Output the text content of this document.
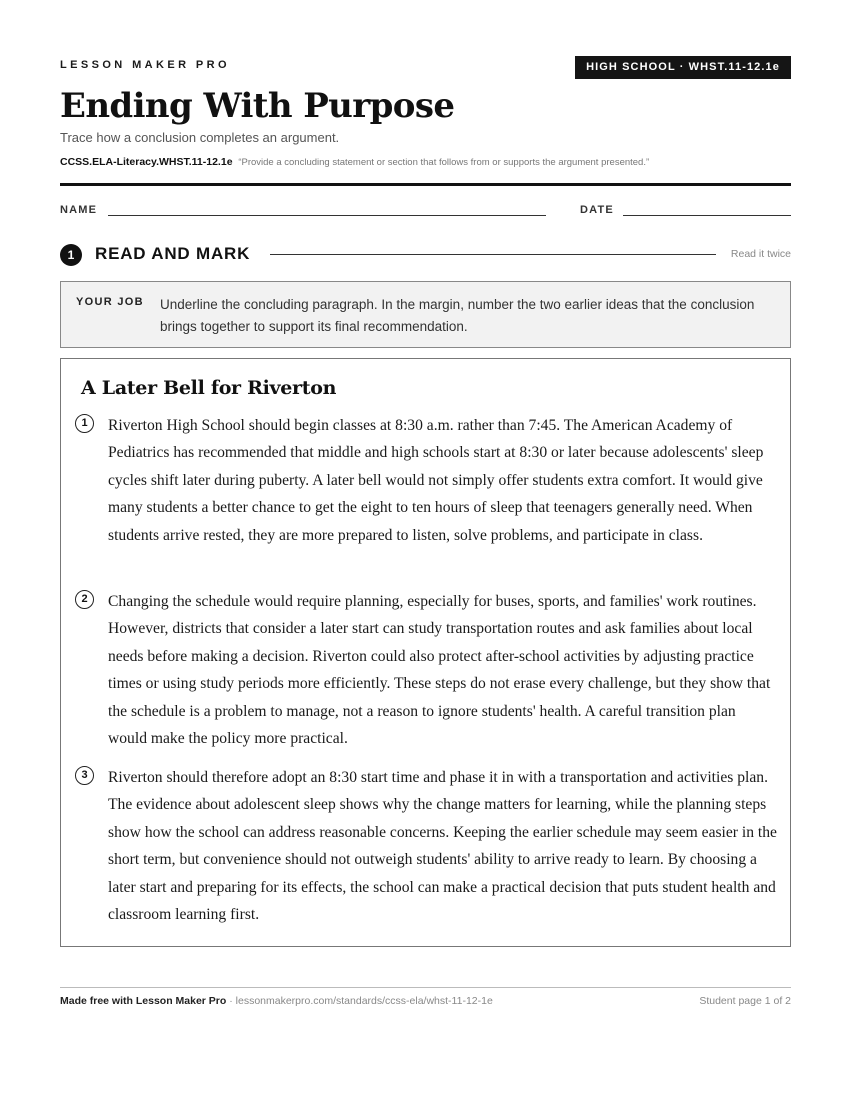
LESSON MAKER PRO	HIGH SCHOOL · WHST.11-12.1e
Ending With Purpose
Trace how a conclusion completes an argument.
CCSS.ELA-Literacy.WHST.11-12.1e “Provide a concluding statement or section that follows from or supports the argument presented.”
NAME	DATE
1	READ AND MARK	Read it twice
YOUR JOB Underline the concluding paragraph. In the margin, number the two earlier ideas that the conclusion brings together to support its final recommendation.
A Later Bell for Riverton
1	Riverton High School should begin classes at 8:30 a.m. rather than 7:45. The American Academy of Pediatrics has recommended that middle and high schools start at 8:30 or later because adolescents' sleep cycles shift later during puberty. A later bell would not simply offer students extra comfort. It would give many students a better chance to get the eight to ten hours of sleep that teenagers generally need. When students arrive rested, they are more prepared to listen, solve problems, and participate in class.

2	Changing the schedule would require planning, especially for buses, sports, and families' work routines. However, districts that consider a later start can study transportation routes and ask families about local needs before making a decision. Riverton could also protect after-school activities by adjusting practice times or using study periods more efficiently. These steps do not erase every challenge, but they show that the schedule is a problem to manage, not a reason to ignore students' health. A careful transition plan would make the policy more practical.

3	Riverton should therefore adopt an 8:30 start time and phase it in with a transportation and activities plan. The evidence about adolescent sleep shows why the change matters for learning, while the planning steps show how the school can address reasonable concerns. Keeping the earlier schedule may seem easier in the short term, but convenience should not outweigh students' ability to arrive ready to learn. By choosing a later start and preparing for its effects, the school can make a practical decision that puts student health and classroom learning first.

Made free with Lesson Maker Pro · lessonmakerpro.com/standards/ccss-ela/whst-11-12-1e	Student page 1 of 2
